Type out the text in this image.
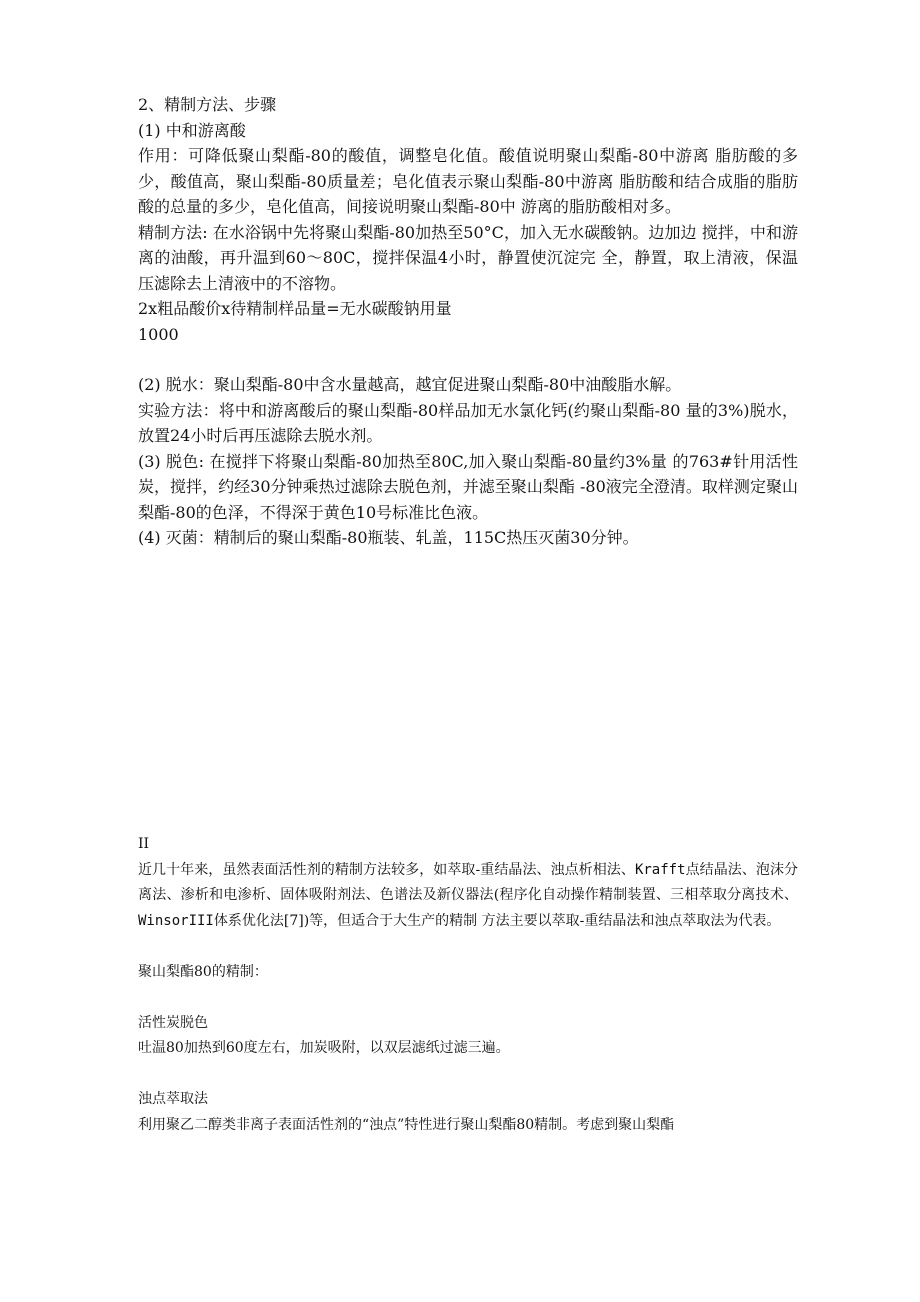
2、精制方法、步骤

(1) 中和游离酸

作用：可降低聚山梨酯-80的酸值，调整皂化值。酸值说明聚山梨酯-80中游离 脂肪酸的多少，酸值高，聚山梨酯-80质量差；皂化值表示聚山梨酯-80中游离 脂肪酸和结合成脂的脂肪酸的总量的多少，皂化值高，间接说明聚山梨酯-80中 游离的脂肪酸相对多。

精制方法: 在水浴锅中先将聚山梨酯-80加热至50°C，加入无水碳酸钠。边加边 搅拌，中和游离的油酸，再升温到60～80C，搅拌保温4小时，静置使沉淀完 全，静置，取上清液，保温压滤除去上清液中的不溶物。

2x粗品酸价x待精制样品量=无水碳酸钠用量

1000

(2) 脱水：聚山梨酯-80中含水量越高，越宜促进聚山梨酯-80中油酸脂水解。

实验方法：将中和游离酸后的聚山梨酯-80样品加无水氯化钙(约聚山梨酯-80 量的3%)脱水，放置24小时后再压滤除去脱水剂。

(3) 脱色: 在搅拌下将聚山梨酯-80加热至80C,加入聚山梨酯-80量约3%量 的763#针用活性炭，搅拌，约经30分钟乘热过滤除去脱色剂，并滤至聚山梨酯 -80液完全澄清。取样测定聚山梨酯-80的色泽，不得深于黄色10号标准比色液。

(4) 灭菌：精制后的聚山梨酯-80瓶装、轧盖，115C热压灭菌30分钟。

II

近几十年来，虽然表面活性剂的精制方法较多，如萃取-重结晶法、浊点析相法、Krafft点结晶法、泡沫分离法、渗析和电渗析、固体吸附剂法、色谱法及新仪器法(程序化自动操作精制装置、三相萃取分离技术、WinsorIII体系优化法[7])等，但适合于大生产的精制 方法主要以萃取-重结晶法和浊点萃取法为代表。

聚山梨酯80的精制：

活性炭脱色

吐温80加热到60度左右，加炭吸附，以双层滤纸过滤三遍。

浊点萃取法

利用聚乙二醇类非离子表面活性剂的“浊点”特性进行聚山梨酯80精制。考虑到聚山梨酯
